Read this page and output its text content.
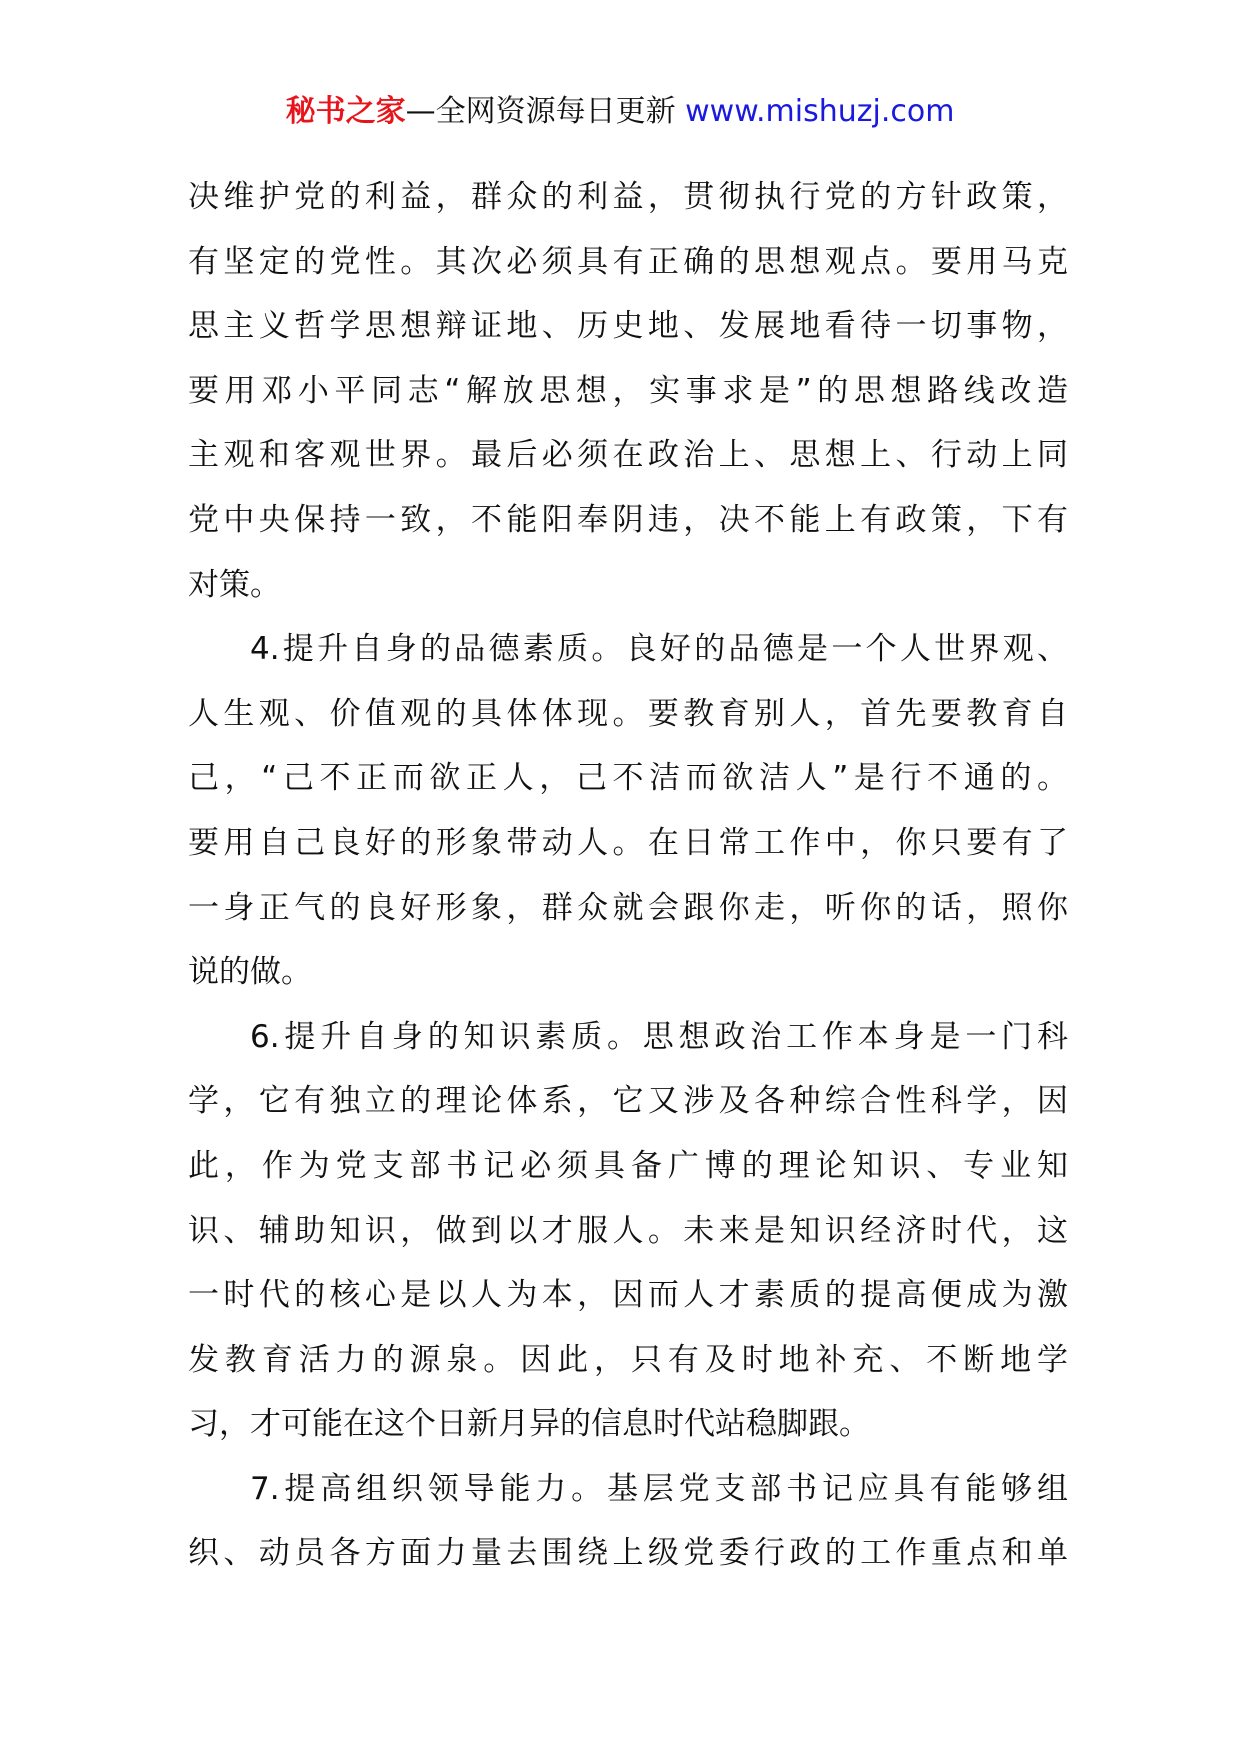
秘书之家—全网资源每日更新 www.mishuzj.com
决维护党的利益，群众的利益，贯彻执行党的方针政策，
有坚定的党性。其次必须具有正确的思想观点。要用马克
思主义哲学思想辩证地、历史地、发展地看待一切事物，
要用邓小平同志“解放思想，实事求是”的思想路线改造
主观和客观世界。最后必须在政治上、思想上、行动上同
党中央保持一致，不能阳奉阴违，决不能上有政策，下有
对策。
4.提升自身的品德素质。良好的品德是一个人世界观、
人生观、价值观的具体体现。要教育别人，首先要教育自
己，“己不正而欲正人，己不洁而欲洁人”是行不通的。
要用自己良好的形象带动人。在日常工作中，你只要有了
一身正气的良好形象，群众就会跟你走，听你的话，照你
说的做。
6.提升自身的知识素质。思想政治工作本身是一门科
学，它有独立的理论体系，它又涉及各种综合性科学，因
此，作为党支部书记必须具备广博的理论知识、专业知
识、辅助知识，做到以才服人。未来是知识经济时代，这
一时代的核心是以人为本，因而人才素质的提高便成为激
发教育活力的源泉。因此，只有及时地补充、不断地学
习，才可能在这个日新月异的信息时代站稳脚跟。
7.提高组织领导能力。基层党支部书记应具有能够组
织、动员各方面力量去围绕上级党委行政的工作重点和单
